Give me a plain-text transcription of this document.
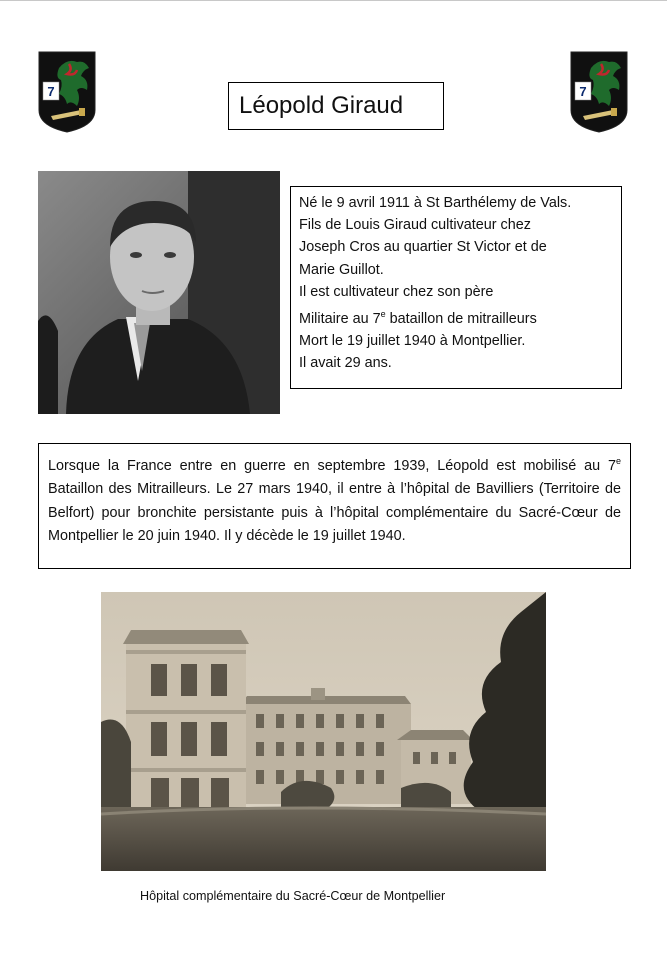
7	7
Léopold Giraud
Né le 9 avril 1911 à St Barthélemy de Vals.
Fils de Louis Giraud cultivateur chez
Joseph Cros au quartier St Victor et de
Marie Guillot.
Il est cultivateur chez son père
Militaire au 7e bataillon de mitrailleurs
Mort le 19 juillet 1940 à Montpellier.
Il avait 29 ans.
Lorsque la France entre en guerre en septembre 1939, Léopold est mobilisé au 7e Bataillon des Mitrailleurs. Le 27 mars 1940, il entre à l’hôpital de Bavilliers (Territoire de Belfort) pour bronchite persistante puis à l’hôpital complémentaire du Sacré-Cœur de Montpellier le 20 juin 1940. Il y décède le 19 juillet 1940.
Hôpital complémentaire du Sacré-Cœur de Montpellier
